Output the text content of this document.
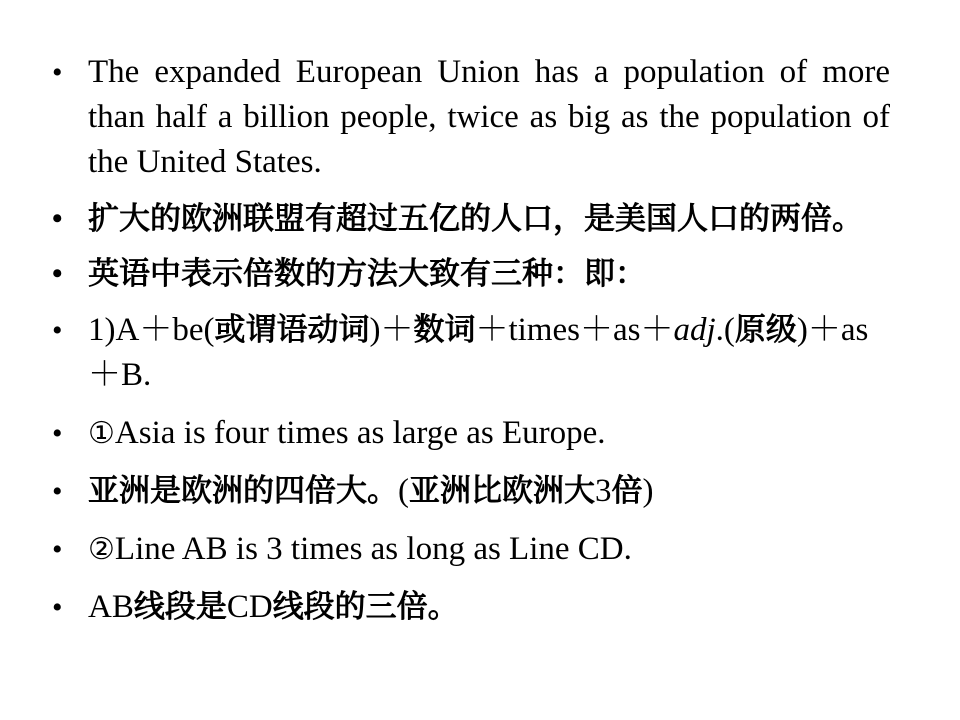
• The expanded European Union has a population of more than half a billion people, twice as big as the population of the United States.
• 扩大的欧洲联盟有超过五亿的人口，是美国人口的两倍。
• 英语中表示倍数的方法大致有三种：即：
• 1)A＋be(或谓语动词)＋数词＋times＋as＋adj.(原级)＋as＋B.
• ①Asia is four times as large as Europe.
• 亚洲是欧洲的四倍大。(亚洲比欧洲大3倍)
• ②Line AB is 3 times as long as Line CD.
• AB线段是CD线段的三倍。
